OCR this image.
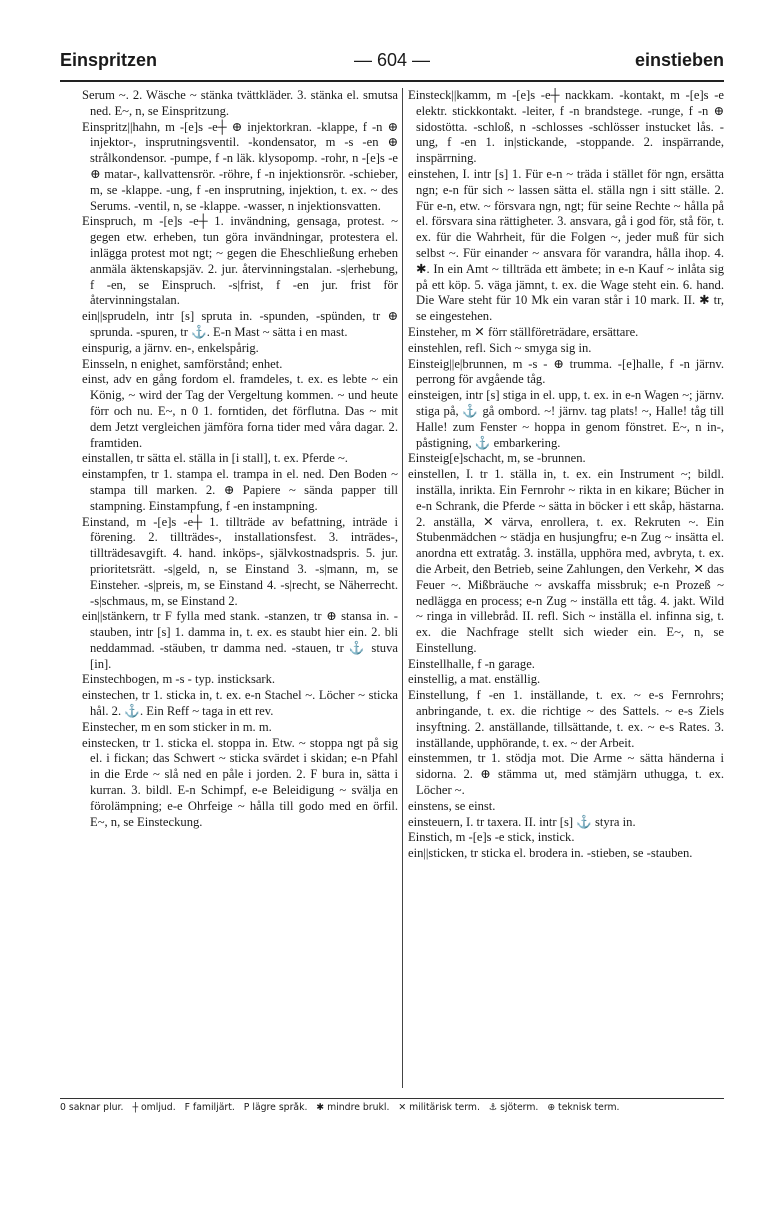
Einspritzen	— 604 —	einstieben

Serum ~. 2. Wäsche ~ stänka tvättkläder. 3. stänka el. smutsa ned. E~, n, se Einspritzung.

Einspritz||hahn, m -[e]s -e┼ ⊕ injektorkran. -klappe, f -n ⊕ injektor-, insprutningsventil. -kondensator, m -s -en ⊕ strålkondensor. -pumpe, f -n läk. klysopomp. -rohr, n -[e]s -e ⊕ matar-, kallvattensrör. -röhre, f -n injektionsrör. -schieber, m, se -klappe. -ung, f -en insprutning, injektion, t. ex. ~ des Serums. -ventil, n, se -klappe. -wasser, n injektionsvatten.

Einspruch, m -[e]s -e┼ 1. invändning, gensaga, protest. ~ gegen etw. erheben, tun göra invändningar, protestera el. inlägga protest mot ngt; ~ gegen die Eheschließung erheben anmäla äktenskapsjäv. 2. jur. återvinningstalan. -s|erhebung, f -en, se Einspruch. -s|frist, f -en jur. frist för återvinningstalan.

ein||sprudeln, intr [s] spruta in. -spunden, -spünden, tr ⊕ sprunda. -spuren, tr ⚓. E-n Mast ~ sätta i en mast.

einspurig, a järnv. en-, enkelspårig.

Einsseln, n enighet, samförstånd; enhet.

einst, adv en gång fordom el. framdeles, t. ex. es lebte ~ ein König, ~ wird der Tag der Vergeltung kommen. ~ und heute förr och nu. E~, n 0 1. forntiden, det förflutna. Das ~ mit dem Jetzt vergleichen jämföra forna tider med våra dagar. 2. framtiden.

einstallen, tr sätta el. ställa in [i stall], t. ex. Pferde ~.

einstampfen, tr 1. stampa el. trampa in el. ned. Den Boden ~ stampa till marken. 2. ⊕ Papiere ~ sända papper till stampning. Einstampfung, f -en instampning.

Einstand, m -[e]s -e┼ 1. tillträde av befattning, inträde i förening. 2. tillträdes-, installationsfest. 3. inträdes-, tillträdesavgift. 4. hand. inköps-, självkostnadspris. 5. jur. prioritetsrätt. -s|geld, n, se Einstand 3. -s|mann, m, se Einsteher. -s|preis, m, se Einstand 4. -s|recht, se Näherrecht. -s|schmaus, m, se Einstand 2.

ein||stänkern, tr F fylla med stank. -stanzen, tr ⊕ stansa in. -stauben, intr [s] 1. damma in, t. ex. es staubt hier ein. 2. bli neddammad. -stäuben, tr damma ned. -stauen, tr ⚓ stuva [in].

Einstechbogen, m -s - typ. insticksark.

einstechen, tr 1. sticka in, t. ex. e-n Stachel ~. Löcher ~ sticka hål. 2. ⚓. Ein Reff ~ taga in ett rev.

Einstecher, m en som sticker in m. m.

einstecken, tr 1. sticka el. stoppa in. Etw. ~ stoppa ngt på sig el. i fickan; das Schwert ~ sticka svärdet i skidan; e-n Pfahl in die Erde ~ slå ned en påle i jorden. 2. F bura in, sätta i kurran. 3. bildl. E-n Schimpf, e-e Beleidigung ~ svälja en förolämpning; e-e Ohrfeige ~ hålla till godo med en örfil. E~, n, se Einsteckung.

Einsteck||kamm, m -[e]s -e┼ nackkam. -kontakt, m -[e]s -e elektr. stickkontakt. -leiter, f -n brandstege. -runge, f -n ⊕ sidostötta. -schloß, n -schlosses -schlösser instucket lås. -ung, f -en 1. in|stickande, -stoppande. 2. inspärrande, inspärrning.

einstehen, I. intr [s] 1. Für e-n ~ träda i stället för ngn, ersätta ngn; e-n für sich ~ lassen sätta el. ställa ngn i sitt ställe. 2. Für e-n, etw. ~ försvara ngn, ngt; für seine Rechte ~ hålla på el. försvara sina rättigheter. 3. ansvara, gå i god för, stå för, t. ex. für die Wahrheit, für die Folgen ~, jeder muß für sich selbst ~. Für einander ~ ansvara för varandra, hålla ihop. 4. ✱. In ein Amt ~ tillträda ett ämbete; in e-n Kauf ~ inlåta sig på ett köp. 5. väga jämnt, t. ex. die Wage steht ein. 6. hand. Die Ware steht für 10 Mk ein varan står i 10 mark. II. ✱ tr, se eingestehen.

Einsteher, m ✕ förr ställföreträdare, ersättare.

einstehlen, refl. Sich ~ smyga sig in.

Einsteig||e|brunnen, m -s - ⊕ trumma. -[e]halle, f -n järnv. perrong för avgående tåg.

einsteigen, intr [s] stiga in el. upp, t. ex. in e-n Wagen ~; järnv. stiga på, ⚓ gå ombord. ~! järnv. tag plats! ~, Halle! tåg till Halle! zum Fenster ~ hoppa in genom fönstret. E~, n in-, påstigning, ⚓ embarkering.

Einsteig[e]schacht, m, se -brunnen.

einstellen, I. tr 1. ställa in, t. ex. ein Instrument ~; bildl. inställa, inrikta. Ein Fernrohr ~ rikta in en kikare; Bücher in e-n Schrank, die Pferde ~ sätta in böcker i ett skåp, hästarna. 2. anställa, ✕ värva, enrollera, t. ex. Rekruten ~. Ein Stubenmädchen ~ städja en husjungfru; e-n Zug ~ insätta el. anordna ett extratåg. 3. inställa, upphöra med, avbryta, t. ex. die Arbeit, den Betrieb, seine Zahlungen, den Verkehr, ✕ das Feuer ~. Mißbräuche ~ avskaffa missbruk; e-n Prozeß ~ nedlägga en process; e-n Zug ~ inställa ett tåg. 4. jakt. Wild ~ ringa in villebråd. II. refl. Sich ~ inställa el. infinna sig, t. ex. die Nachfrage stellt sich wieder ein. E~, n, se Einstellung.

Einstellhalle, f -n garage.

einstellig, a mat. enställig.

Einstellung, f -en 1. inställande, t. ex. ~ e-s Fernrohrs; anbringande, t. ex. die richtige ~ des Sattels. ~ e-s Ziels insyftning. 2. anställande, tillsättande, t. ex. ~ e-s Rates. 3. inställande, upphörande, t. ex. ~ der Arbeit.

einstemmen, tr 1. stödja mot. Die Arme ~ sätta händerna i sidorna. 2. ⊕ stämma ut, med stämjärn uthugga, t. ex. Löcher ~.

einstens, se einst.

einsteuern, I. tr taxera. II. intr [s] ⚓ styra in.

Einstich, m -[e]s -e stick, instick.

ein||sticken, tr sticka el. brodera in. -stieben, se -stauben.

0 saknar plur. ┼ omljud. F familjärt. P lägre språk. ✱ mindre brukl. ✕ militärisk term. ⚓ sjöterm. ⊕ teknisk term.
